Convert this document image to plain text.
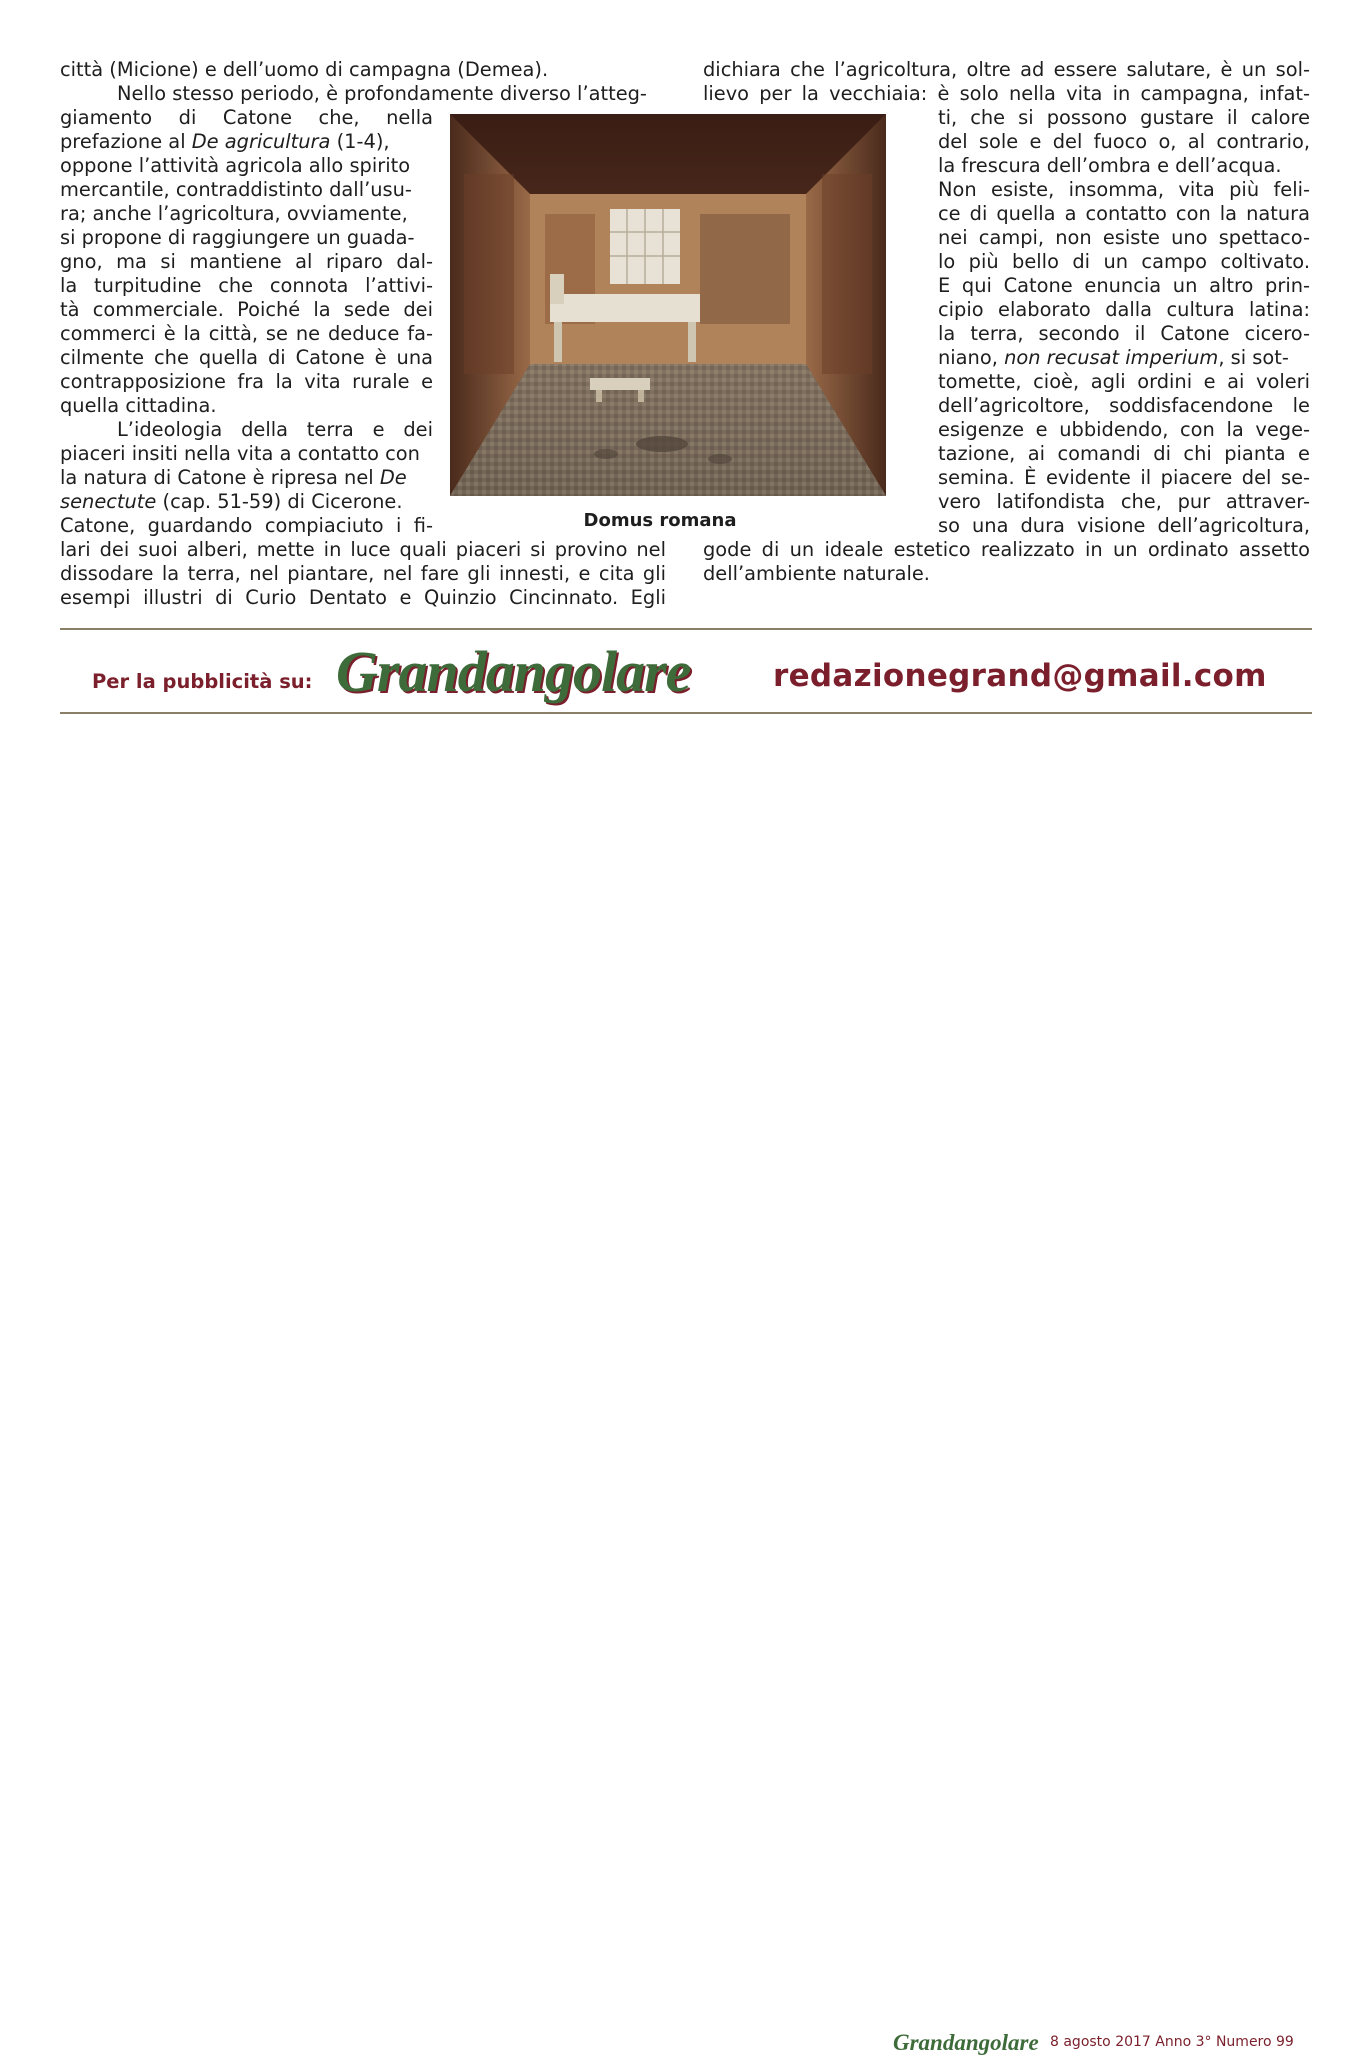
città (Micione) e dell’uomo di campagna (Demea).
Nello stesso periodo, è profondamente diverso l’atteg-
giamento di Catone che, nella
prefazione al De agricultura (1-4),
oppone l’attività agricola allo spirito
mercantile, contraddistinto dall’usu-
ra; anche l’agricoltura, ovviamente,
si propone di raggiungere un guada-
gno, ma si mantiene al riparo dal-
la turpitudine che connota l’attivi-
tà commerciale. Poiché la sede dei
commerci è la città, se ne deduce fa-
cilmente che quella di Catone è una
contrapposizione fra la vita rurale e
quella cittadina.
L’ideologia della terra e dei
piaceri insiti nella vita a contatto con
la natura di Catone è ripresa nel De
senectute (cap. 51-59) di Cicerone.
Catone, guardando compiaciuto i fi-
lari dei suoi alberi, mette in luce quali piaceri si provino nel
dissodare la terra, nel piantare, nel fare gli innesti, e cita gli
esempi illustri di Curio Dentato e Quinzio Cincinnato. Egli
dichiara che l’agricoltura, oltre ad essere salutare, è un sol-
lievo per la vecchiaia: è solo nella vita in campagna, infat-
ti, che si possono gustare il calore
del sole e del fuoco o, al contrario,
la frescura dell’ombra e dell’acqua.
Non esiste, insomma, vita più feli-
ce di quella a contatto con la natura
nei campi, non esiste uno spettaco-
lo più bello di un campo coltivato.
E qui Catone enuncia un altro prin-
cipio elaborato dalla cultura latina:
la terra, secondo il Catone cicero-
niano, non recusat imperium, si sot-
tomette, cioè, agli ordini e ai voleri
dell’agricoltore, soddisfacendone le
esigenze e ubbidendo, con la vege-
tazione, ai comandi di chi pianta e
semina. È evidente il piacere del se-
vero latifondista che, pur attraver-
so una dura visione dell’agricoltura,
gode di un ideale estetico realizzato in un ordinato assetto
dell’ambiente naturale.
Domus romana
Per la pubblicità su: Grandangolare	redazionegrand@gmail.com
Grandangolare 8 agosto 2017 Anno 3° Numero 99
